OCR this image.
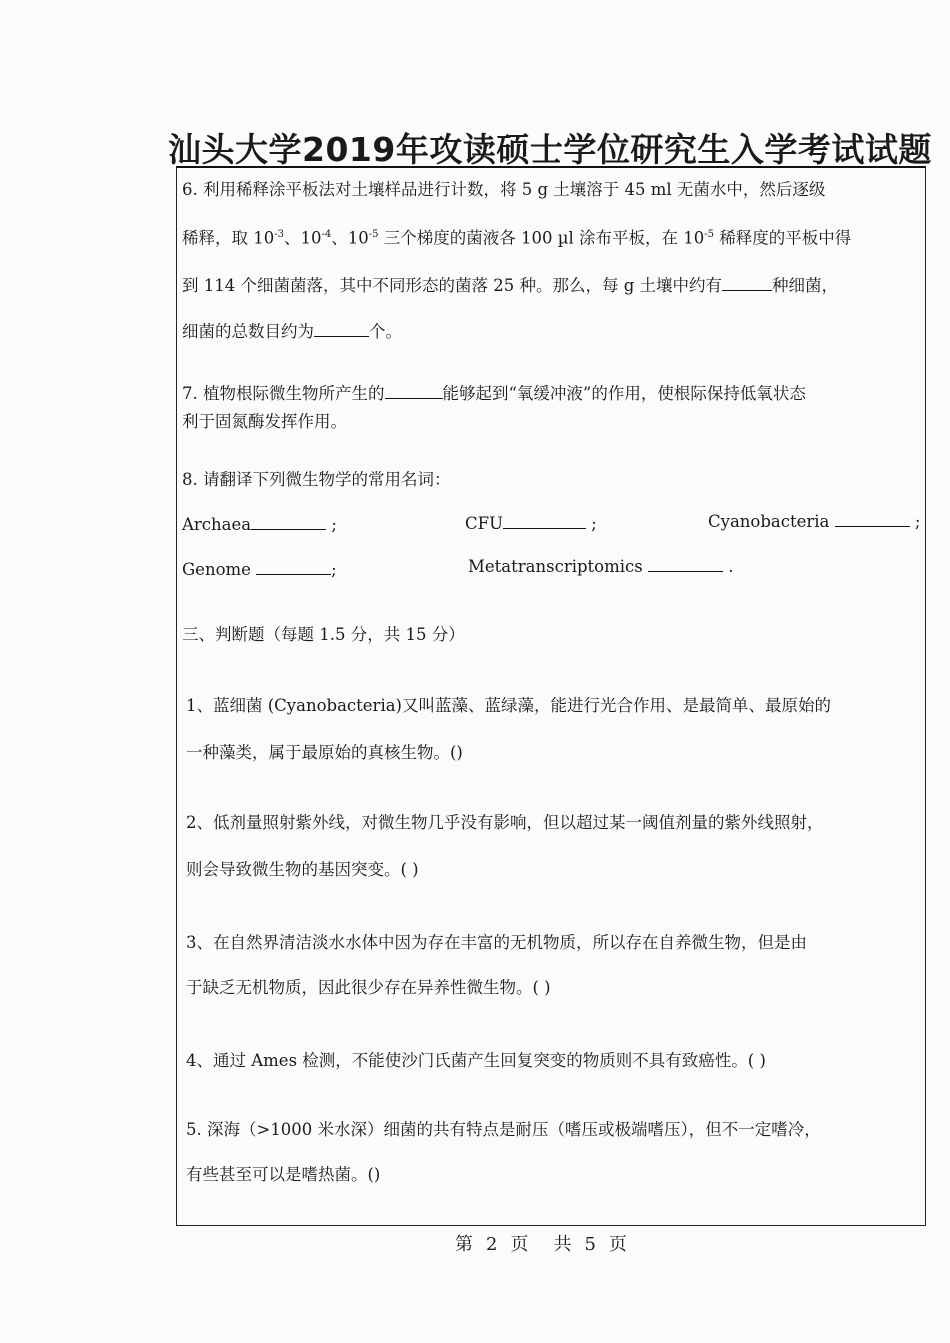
汕头大学2019年攻读硕士学位研究生入学考试试题
6. 利用稀释涂平板法对土壤样品进行计数，将 5 g 土壤溶于 45 ml 无菌水中，然后逐级
稀释，取 $10^{-3}$、$10^{-4}$、$10^{-5}$ 三个梯度的菌液各 100 µl 涂布平板，在 $10^{-5}$ 稀释度的平板中得
到 114 个细菌菌落，其中不同形态的菌落 25 种。那么，每 g 土壤中约有	种细菌，
细菌的总数目约为	个。
7. 植物根际微生物所产生的	能够起到“氧缓冲液”的作用，使根际保持低氧状态
利于固氮酶发挥作用。
8. 请翻译下列微生物学的常用名词：
Archaea	;	CFU	;	Cyanobacteria	;
Genome	;	Metatranscriptomics	.
三、判断题（每题 1.5 分，共 15 分）
1、蓝细菌 (Cyanobacteria)又叫蓝藻、蓝绿藻，能进行光合作用、是最简单、最原始的
一种藻类，属于最原始的真核生物。()
2、低剂量照射紫外线，对微生物几乎没有影响，但以超过某一阈值剂量的紫外线照射，
则会导致微生物的基因突变。( )
3、在自然界清洁淡水水体中因为存在丰富的无机物质，所以存在自养微生物，但是由
于缺乏无机物质，因此很少存在异养性微生物。( )
4、通过 Ames 检测，不能使沙门氏菌产生回复突变的物质则不具有致癌性。( )
5. 深海（>1000 米水深）细菌的共有特点是耐压（嗜压或极端嗜压），但不一定嗜冷，
有些甚至可以是嗜热菌。()
第 2 页 共 5 页
